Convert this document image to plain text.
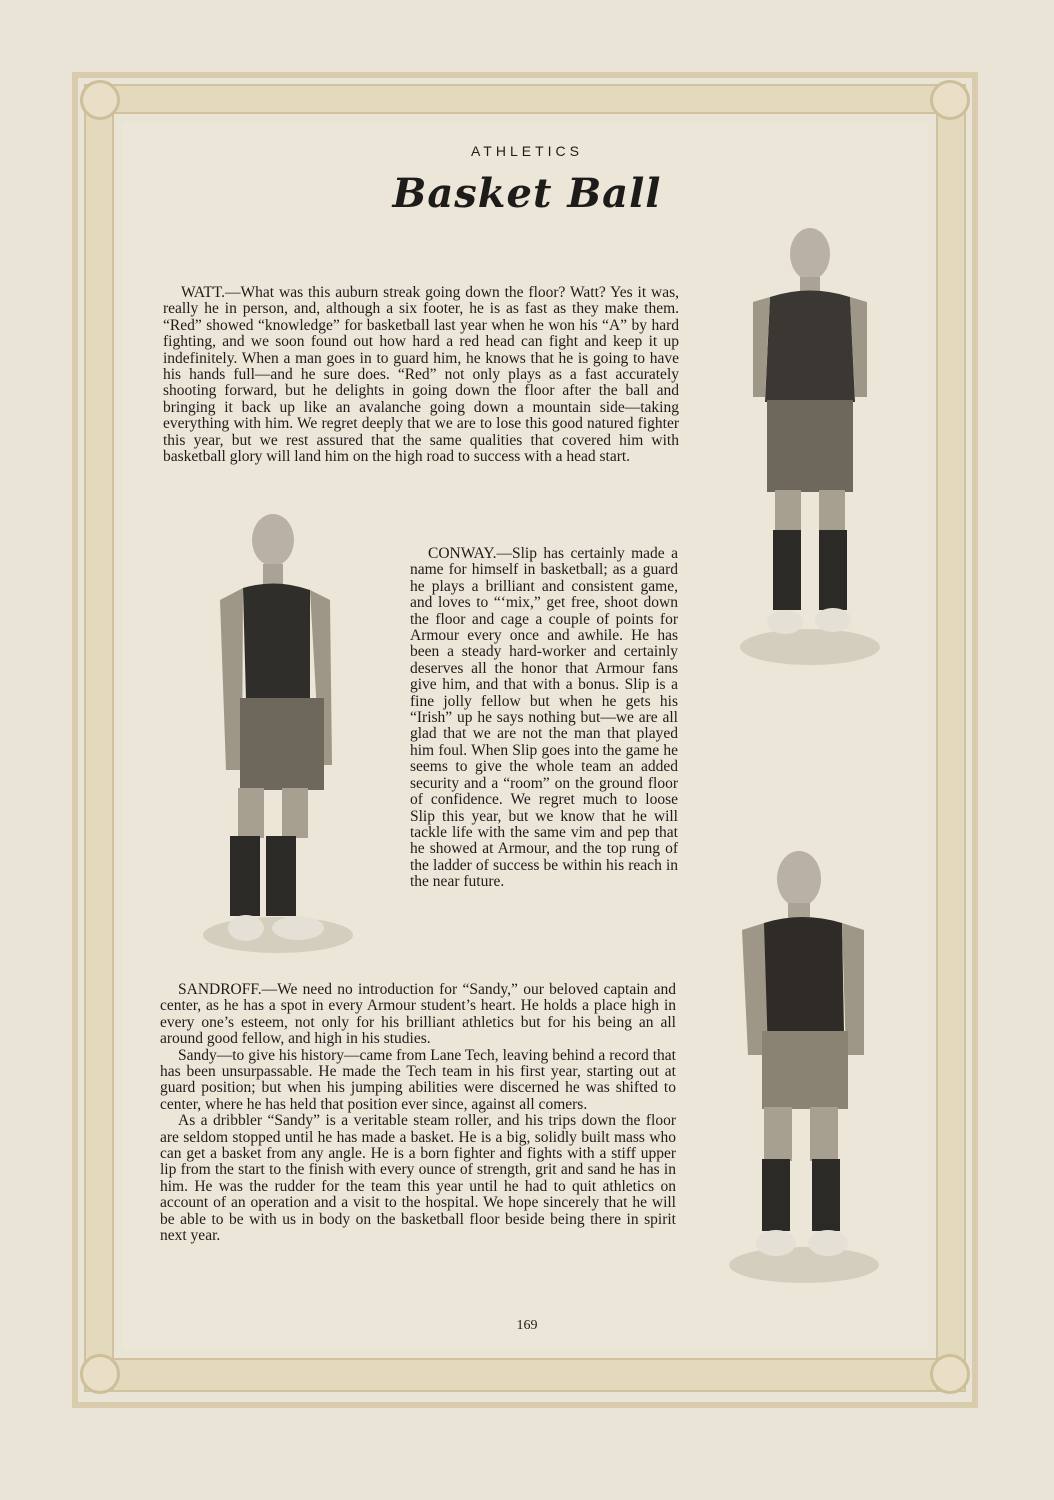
ATHLETICS
Basket Ball

WATT.—What was this auburn streak going down the floor? Watt? Yes it was, really he in person, and, although a six footer, he is as fast as they make them. “Red” showed “knowledge” for basketball last year when he won his “A” by hard fighting, and we soon found out how hard a red head can fight and keep it up indefinitely. When a man goes in to guard him, he knows that he is going to have his hands full—and he sure does. “Red” not only plays as a fast accurately shooting forward, but he delights in going down the floor after the ball and bringing it back up like an avalanche going down a mountain side—taking everything with him. We regret deeply that we are to lose this good natured fighter this year, but we rest assured that the same qualities that covered him with basketball glory will land him on the high road to success with a head start.

CONWAY.—Slip has certainly made a name for himself in basketball; as a guard he plays a brilliant and consistent game, and loves to “‘mix,” get free, shoot down the floor and cage a couple of points for Armour every once and awhile. He has been a steady hard-worker and certainly deserves all the honor that Armour fans give him, and that with a bonus. Slip is a fine jolly fellow but when he gets his “Irish” up he says nothing but—we are all glad that we are not the man that played him foul. When Slip goes into the game he seems to give the whole team an added security and a “room” on the ground floor of confidence. We regret much to loose Slip this year, but we know that he will tackle life with the same vim and pep that he showed at Armour, and the top rung of the ladder of success be within his reach in the near future.

SANDROFF.—We need no introduction for “Sandy,” our beloved captain and center, as he has a spot in every Armour student’s heart. He holds a place high in every one’s esteem, not only for his brilliant athletics but for his being an all around good fellow, and high in his studies.

Sandy—to give his history—came from Lane Tech, leaving behind a record that has been unsurpassable. He made the Tech team in his first year, starting out at guard position; but when his jumping abilities were discerned he was shifted to center, where he has held that position ever since, against all comers.

As a dribbler “Sandy” is a veritable steam roller, and his trips down the floor are seldom stopped until he has made a basket. He is a big, solidly built mass who can get a basket from any angle. He is a born fighter and fights with a stiff upper lip from the start to the finish with every ounce of strength, grit and sand he has in him. He was the rudder for the team this year until he had to quit athletics on account of an operation and a visit to the hospital. We hope sincerely that he will be able to be with us in body on the basketball floor beside being there in spirit next year.

169
